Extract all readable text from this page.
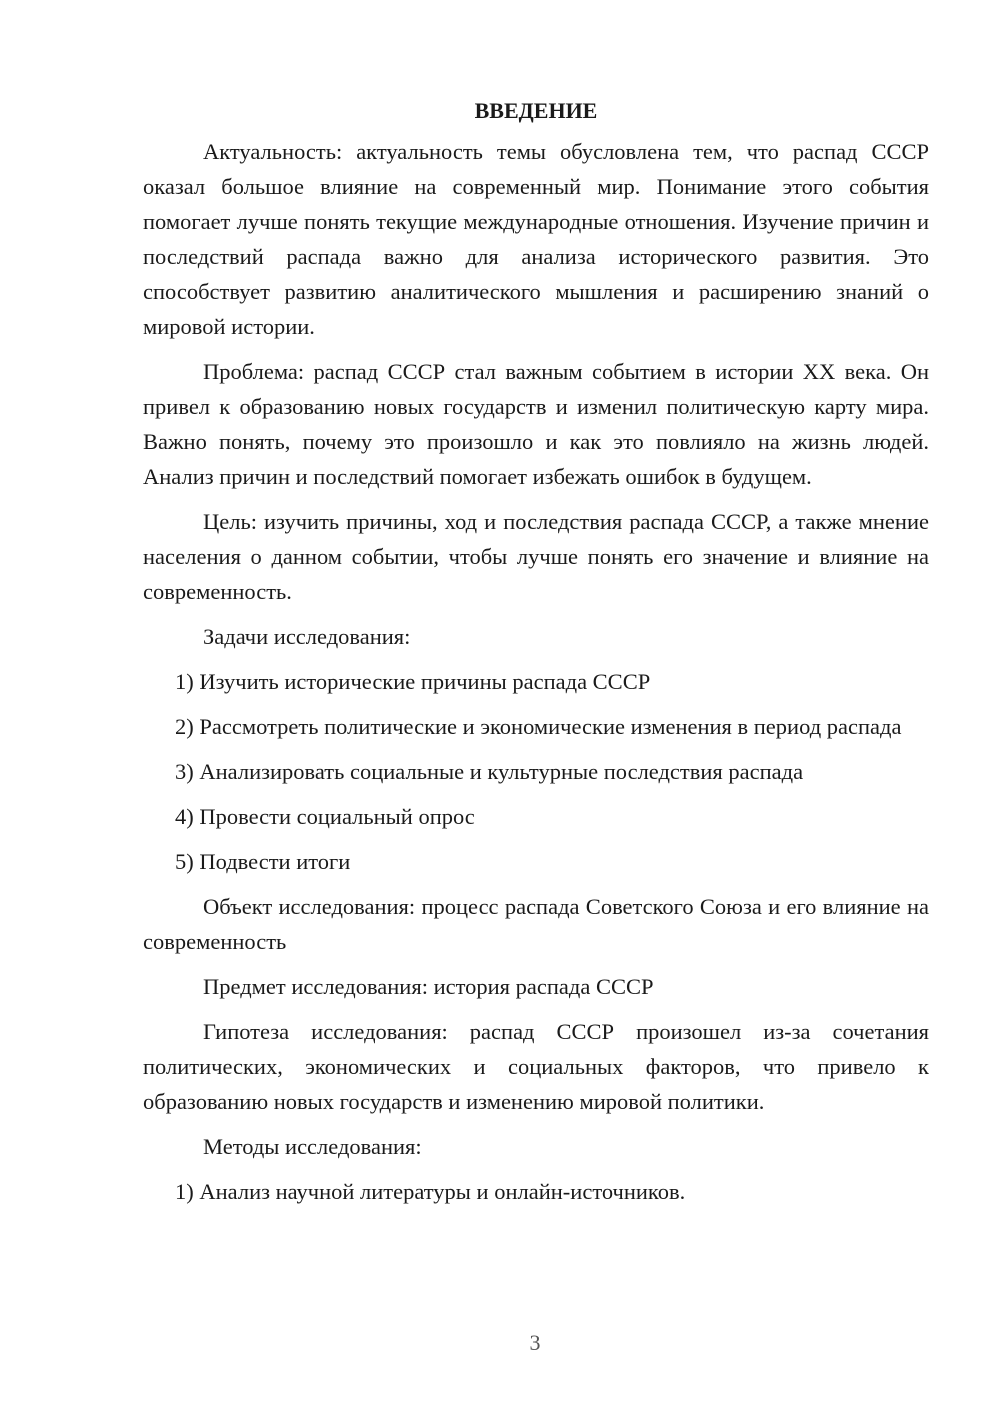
ВВЕДЕНИЕ

Актуальность: актуальность темы обусловлена тем, что распад СССР оказал большое влияние на современный мир. Понимание этого события помогает лучше понять текущие международные отношения. Изучение причин и последствий распада важно для анализа исторического развития. Это способствует развитию аналитического мышления и расширению знаний о мировой истории.

Проблема: распад СССР стал важным событием в истории XX века. Он привел к образованию новых государств и изменил политическую карту мира. Важно понять, почему это произошло и как это повлияло на жизнь людей. Анализ причин и последствий помогает избежать ошибок в будущем.

Цель: изучить причины, ход и последствия распада СССР, а также мнение населения о данном событии, чтобы лучше понять его значение и влияние на современность.

Задачи исследования:

1) Изучить исторические причины распада СССР

2) Рассмотреть политические и экономические изменения в период распада

3) Анализировать социальные и культурные последствия распада

4) Провести социальный опрос

5) Подвести итоги

Объект исследования: процесс распада Советского Союза и его влияние на современность

Предмет исследования: история распада СССР

Гипотеза исследования: распад СССР произошел из-за сочетания политических, экономических и социальных факторов, что привело к образованию новых государств и изменению мировой политики.

Методы исследования:

1) Анализ научной литературы и онлайн-источников.

3
